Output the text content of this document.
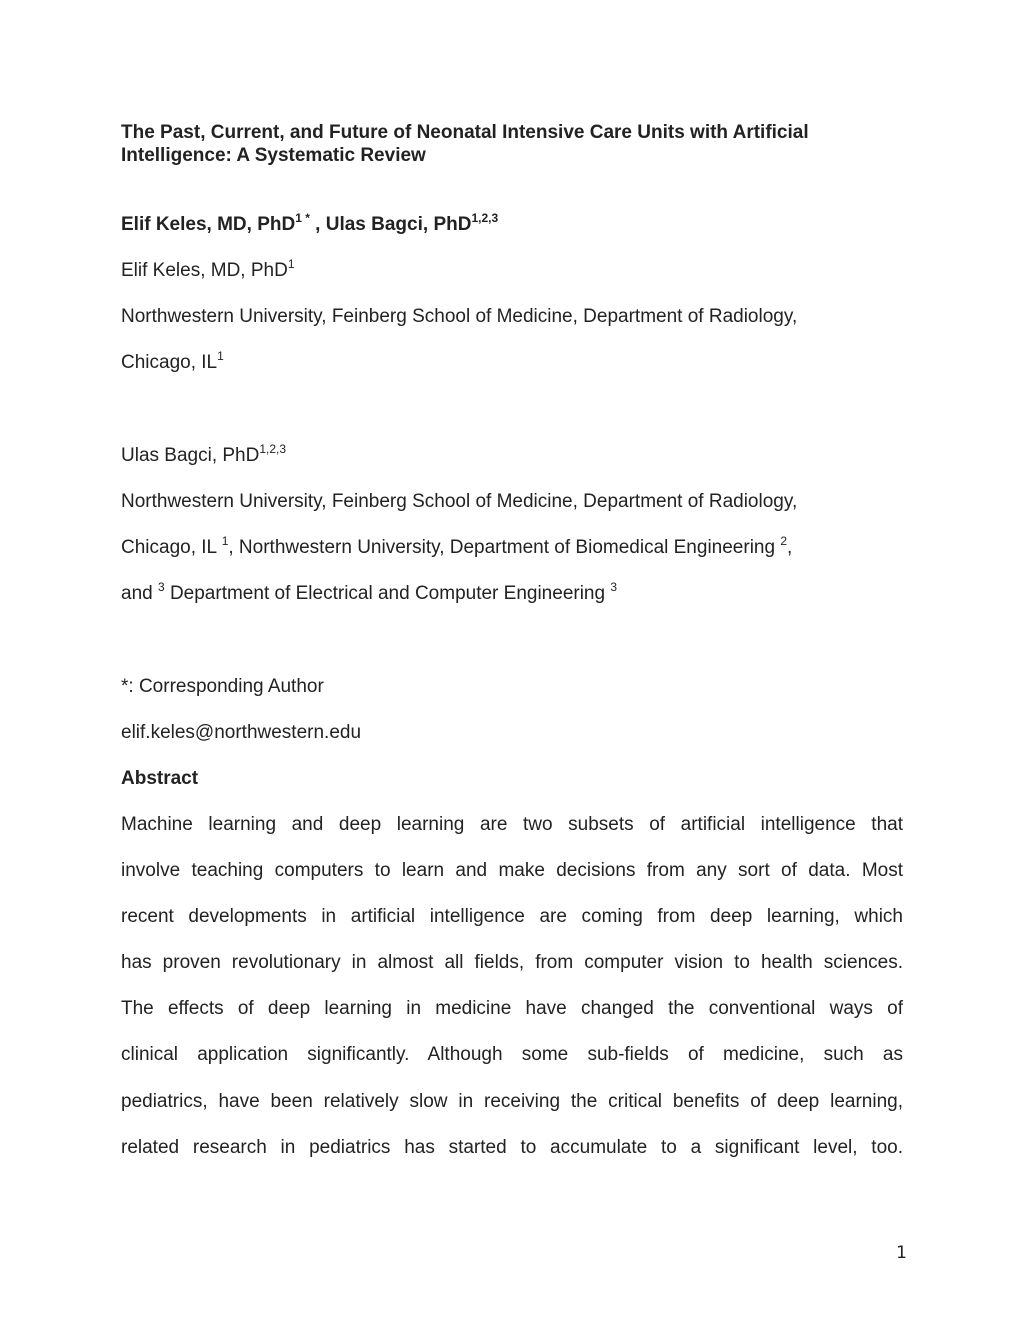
The Past, Current, and Future of Neonatal Intensive Care Units with Artificial
Intelligence: A Systematic Review
Elif Keles, MD, PhD$^{1 *}$ , Ulas Bagci, PhD$^{1,2,3}$
Elif Keles, MD, PhD$^1$
Northwestern University, Feinberg School of Medicine, Department of Radiology,
Chicago, $IL^1$
Ulas Bagci, PhD$^{1,2,3}$
Northwestern University, Feinberg School of Medicine, Department of Radiology,
Chicago, IL $^1$, Northwestern University, Department of Biomedical Engineering $^2$,
and $^3$ Department of Electrical and Computer Engineering $^3$
*: Corresponding Author
elif.keles@northwestern.edu
Abstract
Machine learning and deep learning are two subsets of artificial intelligence that
involve teaching computers to learn and make decisions from any sort of data. Most
recent developments in artificial intelligence are coming from deep learning, which
has proven revolutionary in almost all fields, from computer vision to health sciences.
The effects of deep learning in medicine have changed the conventional ways of
clinical application significantly. Although some sub-fields of medicine, such as
pediatrics, have been relatively slow in receiving the critical benefits of deep learning,
related research in pediatrics has started to accumulate to a significant level, too.
1
